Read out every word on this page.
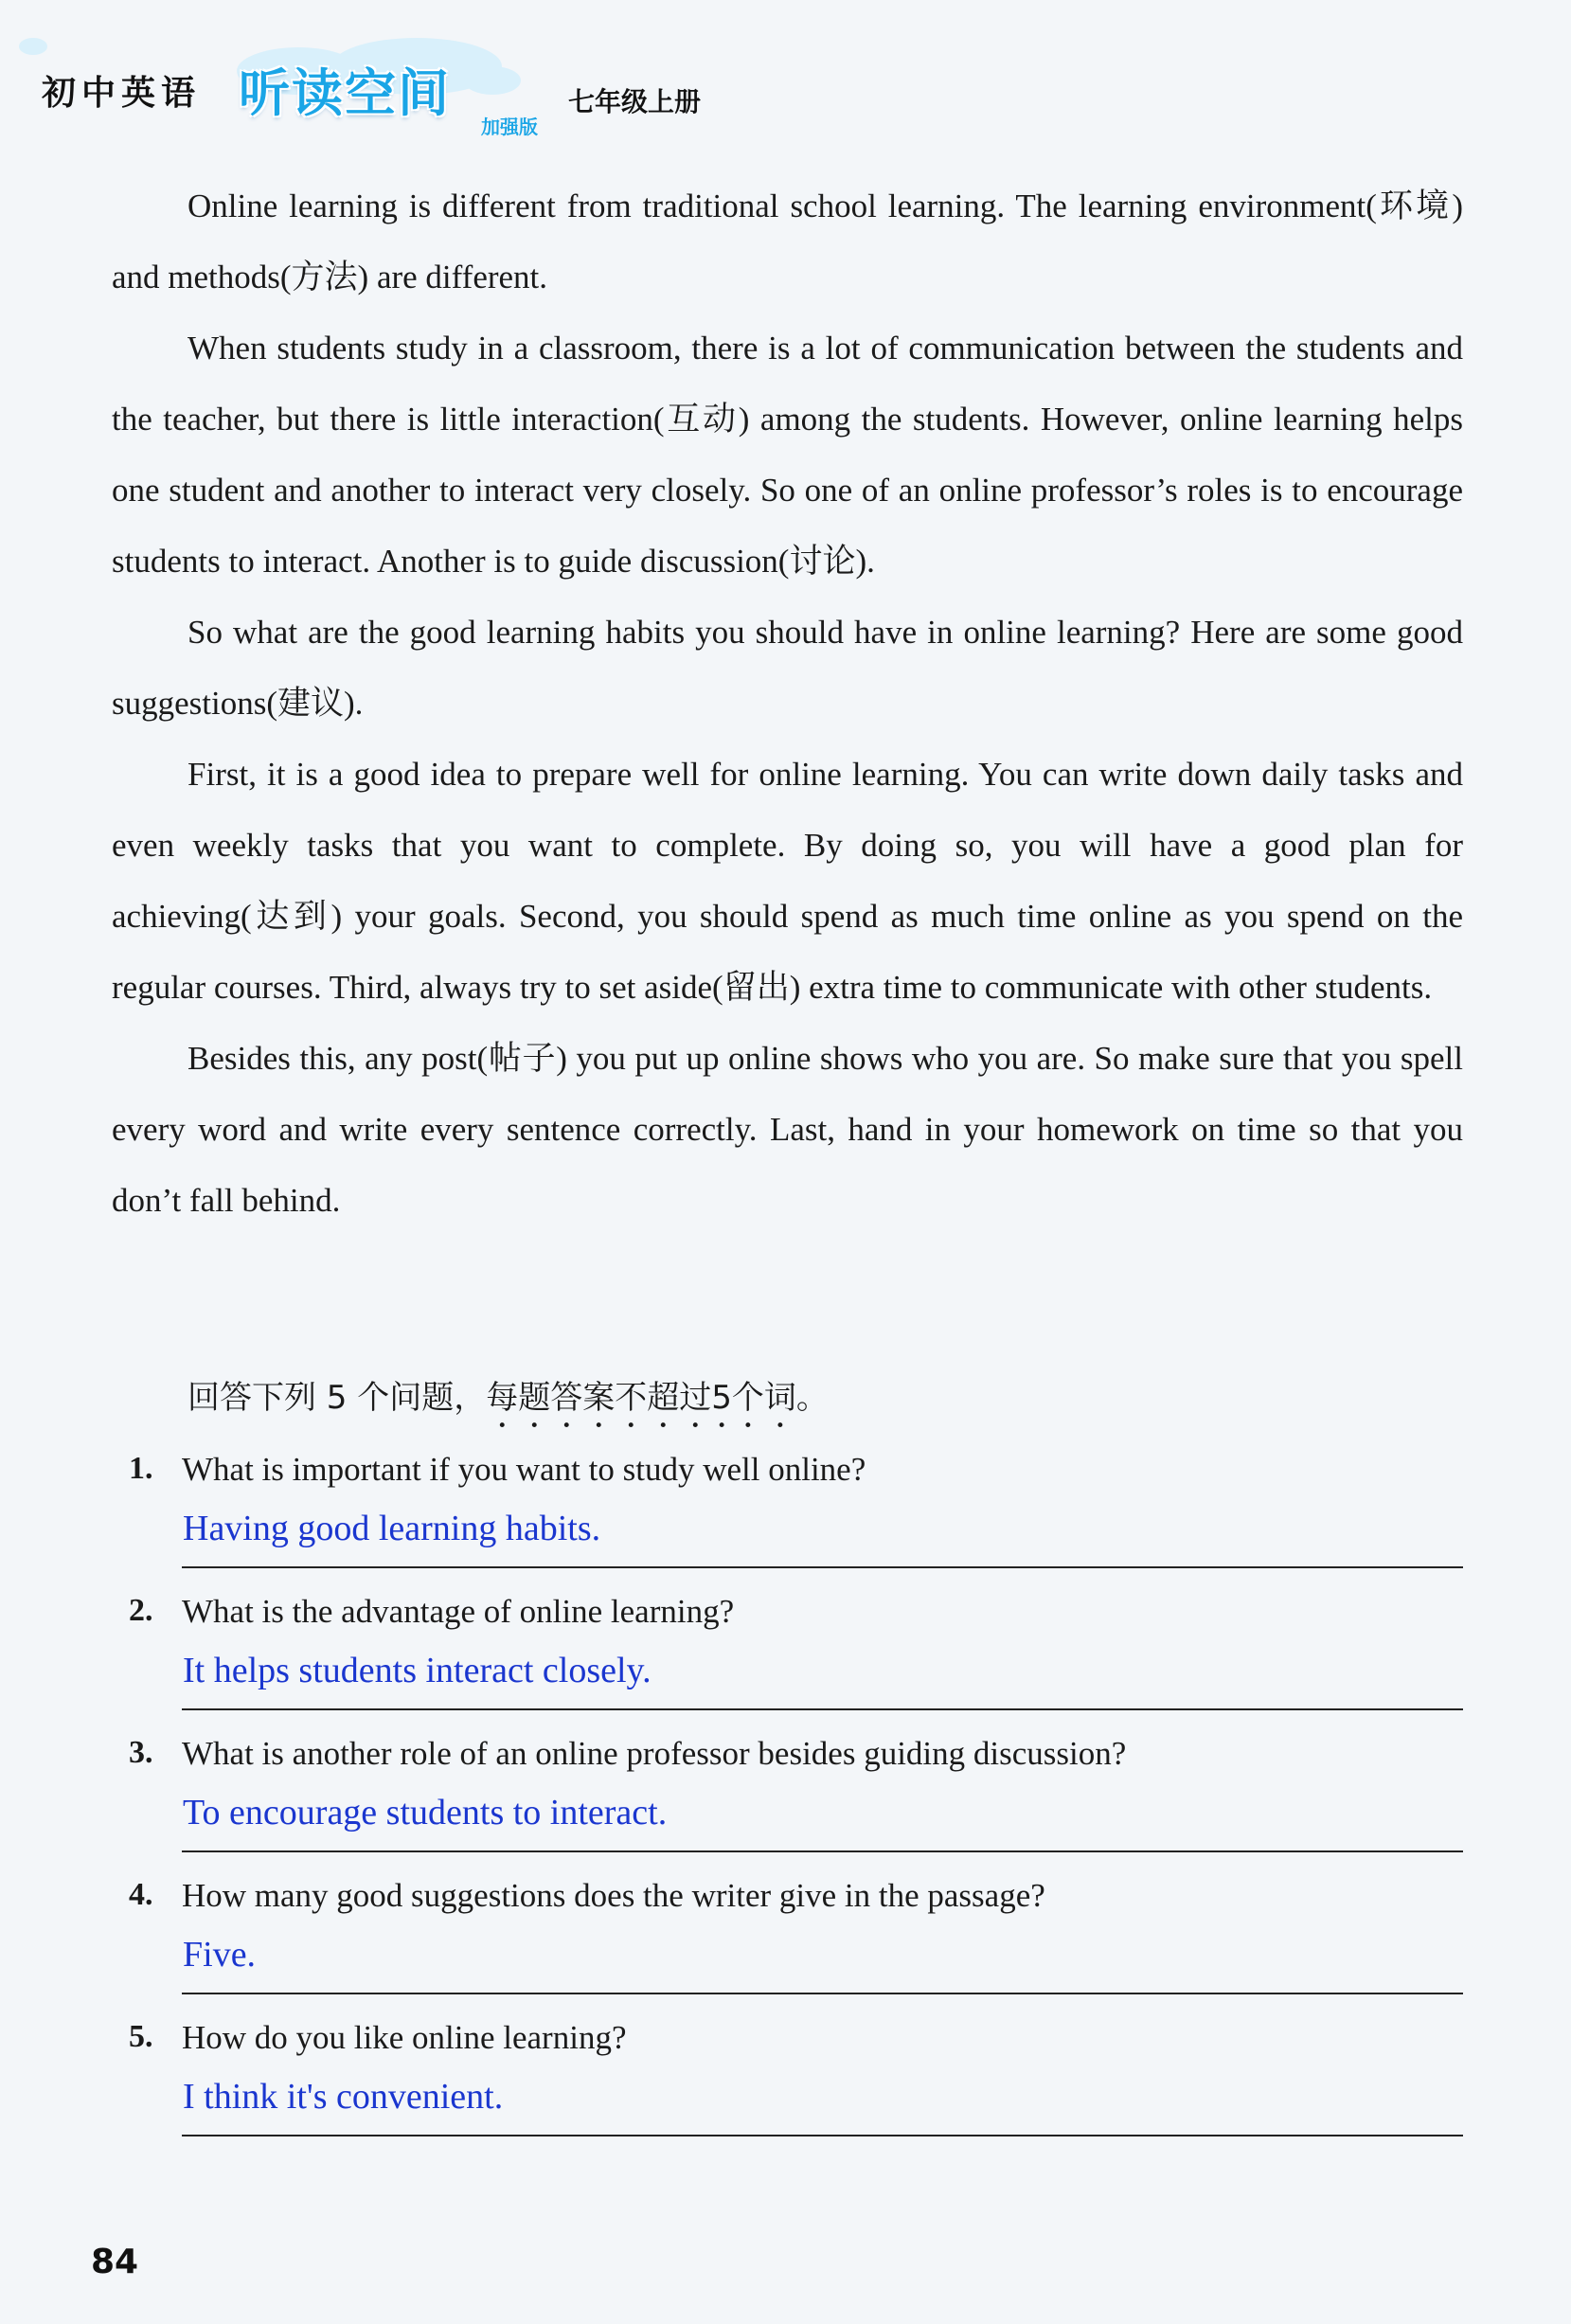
初中英语 听读空间
加强版
七年级上册

Online learning is different from traditional school learning. The learning environment(环境) and methods(方法) are different.

When students study in a classroom, there is a lot of communication between the students and the teacher, but there is little interaction(互动) among the students. However, online learning helps one student and another to interact very closely. So one of an online professor’s roles is to encourage students to interact. Another is to guide discussion(讨论).

So what are the good learning habits you should have in online learning? Here are some good suggestions(建议).

First, it is a good idea to prepare well for online learning. You can write down daily tasks and even weekly tasks that you want to complete. By doing so, you will have a good plan for achieving(达到) your goals. Second, you should spend as much time online as you spend on the regular courses. Third, always try to set aside(留出) extra time to communicate with other students.

Besides this, any post(帖子) you put up online shows who you are. So make sure that you spell every word and write every sentence correctly. Last, hand in your homework on time so that you don’t fall behind.

回答下列 5 个问题，每题答案不超过5个词。
1. What is important if you want to study well online?
Having good learning habits.
2. What is the advantage of online learning?
It helps students interact closely.
3. What is another role of an online professor besides guiding discussion?
To encourage students to interact.
4. How many good suggestions does the writer give in the passage?
Five.
5. How do you like online learning?
I think it's convenient.
84
